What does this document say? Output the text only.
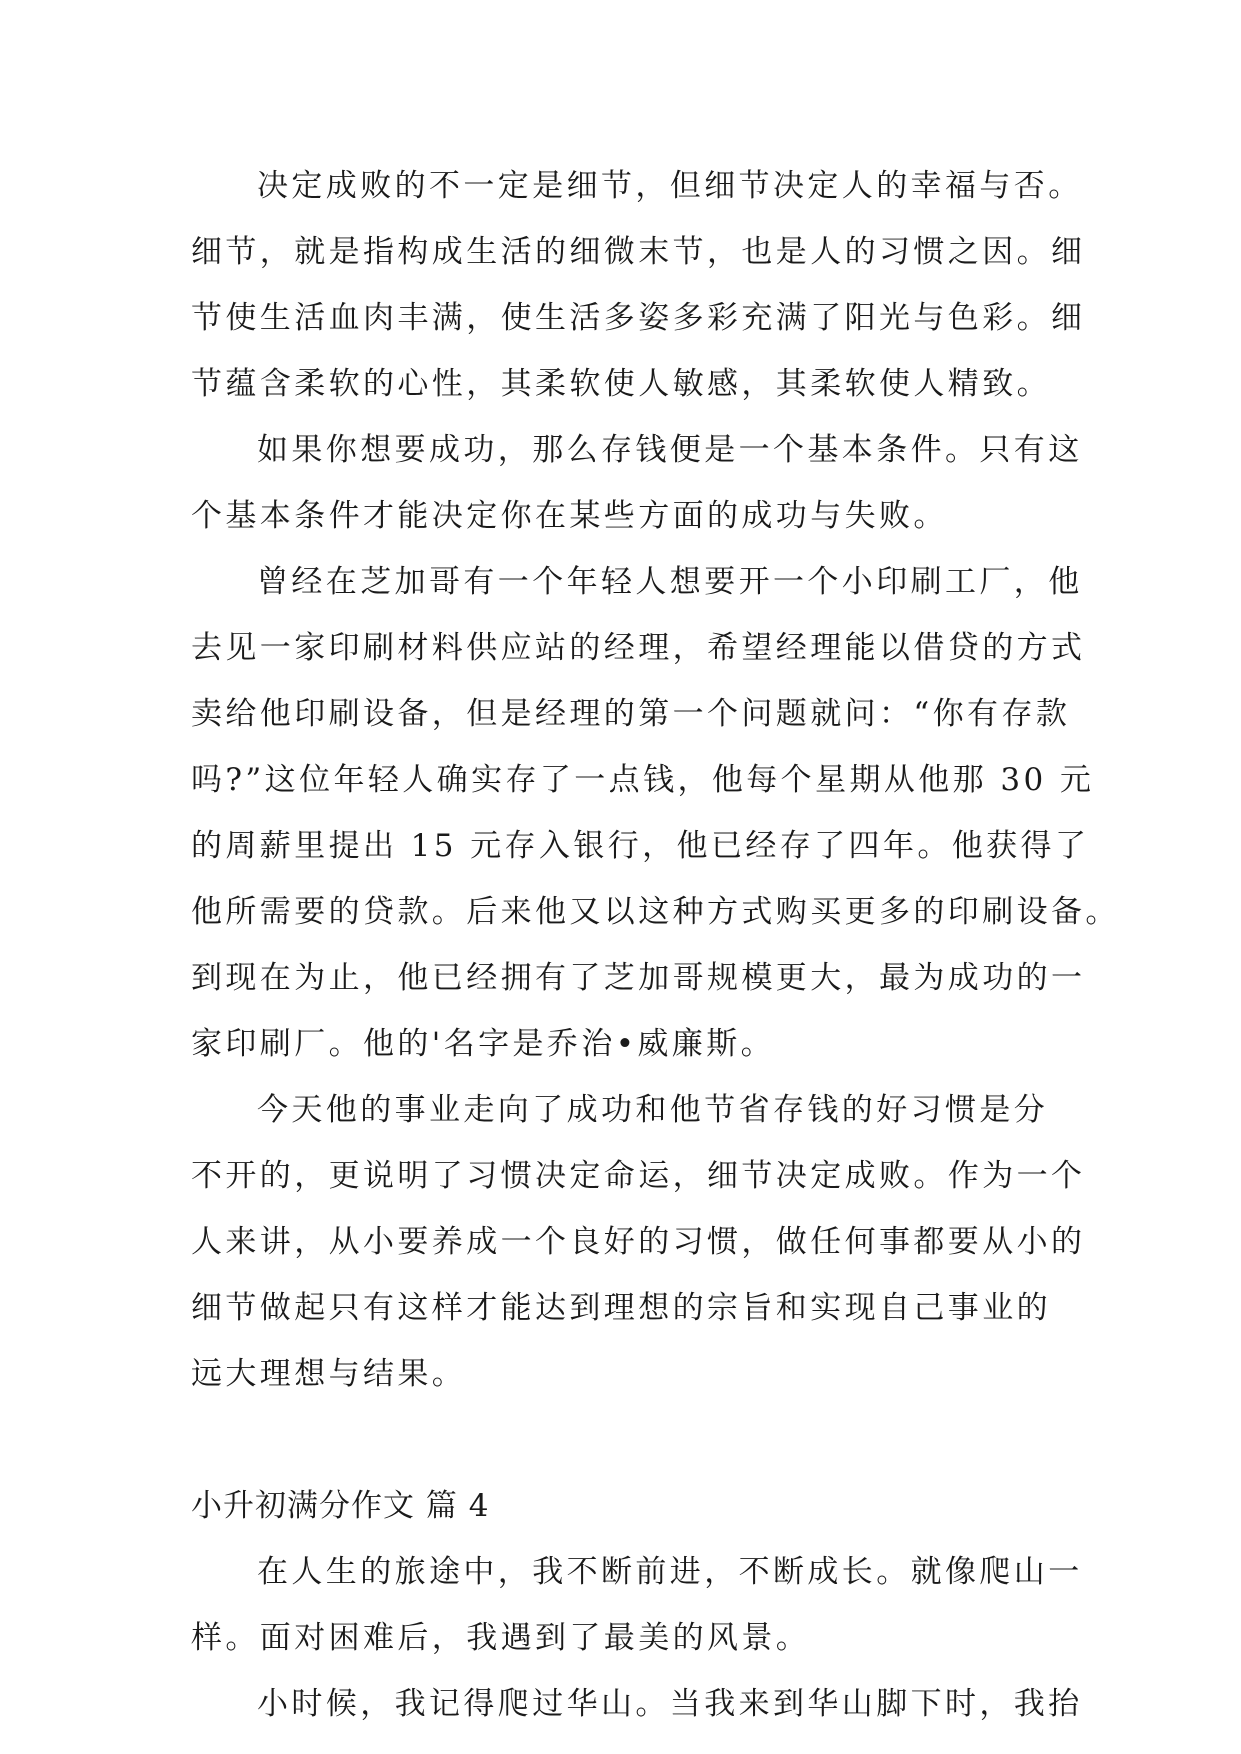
决定成败的不一定是细节，但细节决定人的幸福与否。
细节，就是指构成生活的细微末节，也是人的习惯之因。细
节使生活血肉丰满，使生活多姿多彩充满了阳光与色彩。细
节蕴含柔软的心性，其柔软使人敏感，其柔软使人精致。
如果你想要成功，那么存钱便是一个基本条件。只有这
个基本条件才能决定你在某些方面的成功与失败。
曾经在芝加哥有一个年轻人想要开一个小印刷工厂，他
去见一家印刷材料供应站的经理，希望经理能以借贷的方式
卖给他印刷设备，但是经理的第一个问题就问：“你有存款
吗?”这位年轻人确实存了一点钱，他每个星期从他那 30 元
的周薪里提出 15 元存入银行，他已经存了四年。他获得了
他所需要的贷款。后来他又以这种方式购买更多的印刷设备。
到现在为止，他已经拥有了芝加哥规模更大，最为成功的一
家印刷厂。他的'名字是乔治•威廉斯。
今天他的事业走向了成功和他节省存钱的好习惯是分
不开的，更说明了习惯决定命运，细节决定成败。作为一个
人来讲，从小要养成一个良好的习惯，做任何事都要从小的
细节做起只有这样才能达到理想的宗旨和实现自己事业的
远大理想与结果。
小升初满分作文 篇 4
在人生的旅途中，我不断前进，不断成长。就像爬山一
样。面对困难后，我遇到了最美的风景。
小时候，我记得爬过华山。当我来到华山脚下时，我抬
